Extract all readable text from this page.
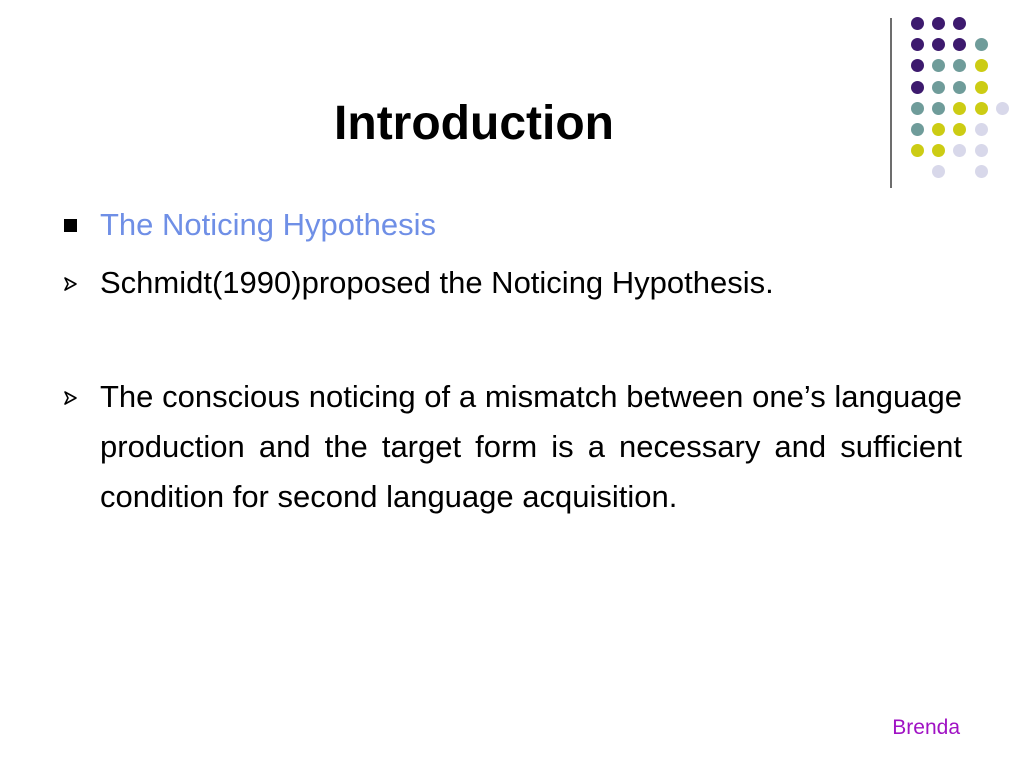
Introduction

The Noticing Hypothesis

Schmidt(1990)proposed the Noticing Hypothesis.

The conscious noticing of a mismatch between one’s language production and the target form is a necessary and sufficient condition for second language acquisition.

Brenda
